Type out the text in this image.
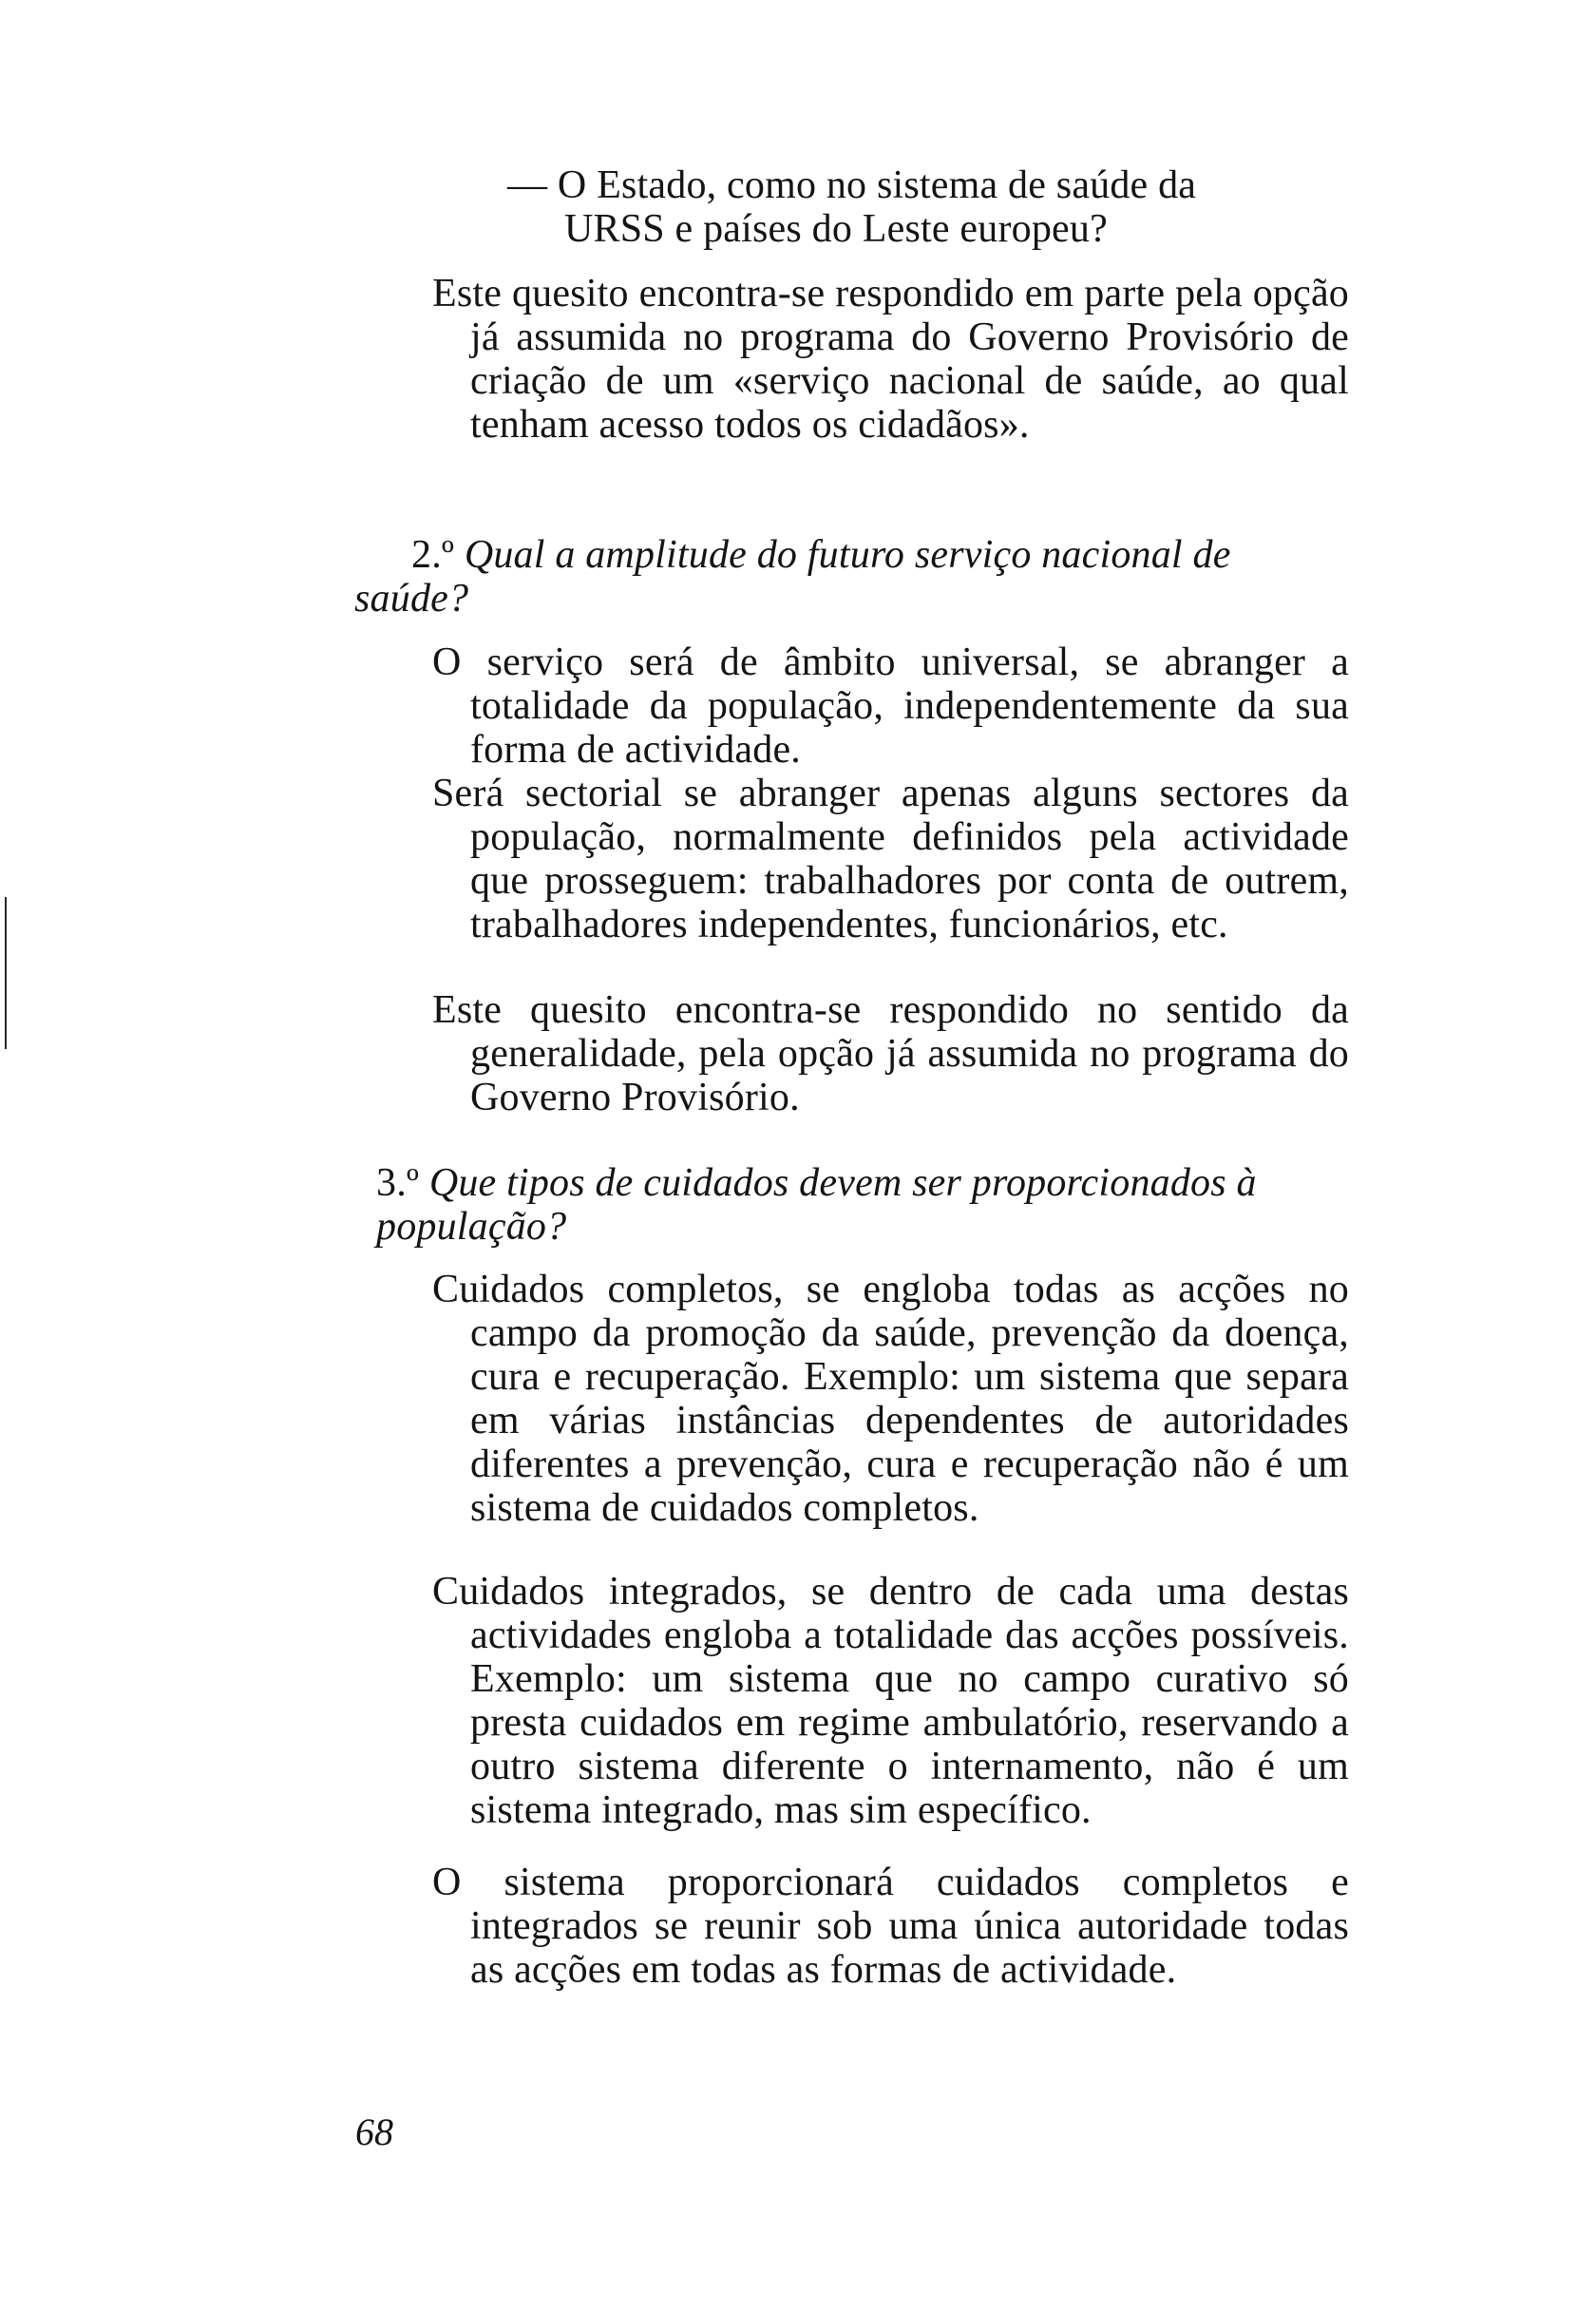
— O Estado, como no sistema de saúde da
URSS e países do Leste europeu?

Este quesito encontra-se respondido em parte pela opção já assumida no programa do Governo Provisório de criação de um «serviço nacional de saúde, ao qual tenham acesso todos os cidadãos».

2.º Qual a amplitude do futuro serviço nacional de saúde?

O serviço será de âmbito universal, se abranger a totalidade da população, independentemente da sua forma de actividade.

Será sectorial se abranger apenas alguns sectores da população, normalmente definidos pela actividade que prosseguem: trabalhadores por conta de outrem, trabalhadores independentes, funcionários, etc.

Este quesito encontra-se respondido no sentido da generalidade, pela opção já assumida no programa do Governo Provisório.

3.º Que tipos de cuidados devem ser proporcionados à população?

Cuidados completos, se engloba todas as acções no campo da promoção da saúde, prevenção da doença, cura e recuperação. Exemplo: um sistema que separa em várias instâncias dependentes de autoridades diferentes a prevenção, cura e recuperação não é um sistema de cuidados completos.

Cuidados integrados, se dentro de cada uma destas actividades engloba a totalidade das acções possíveis. Exemplo: um sistema que no campo curativo só presta cuidados em regime ambulatório, reservando a outro sistema diferente o internamento, não é um sistema integrado, mas sim específico.

O sistema proporcionará cuidados completos e integrados se reunir sob uma única autoridade todas as acções em todas as formas de actividade.

68
